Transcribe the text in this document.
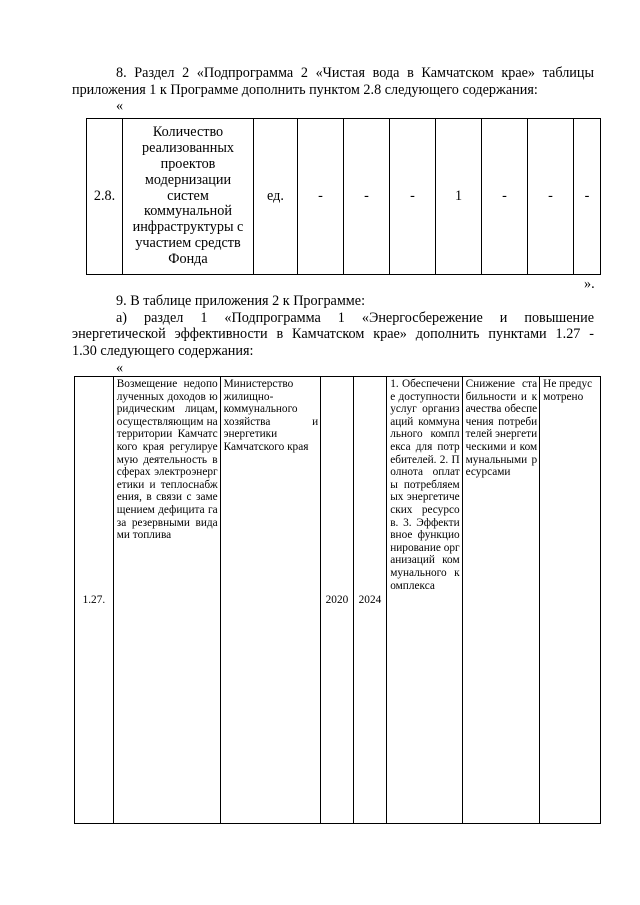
8. Раздел 2 «Подпрограмма 2 «Чистая вода в Камчатском крае» таблицы

приложения 1 к Программе дополнить пунктом 2.8 следующего содержания:

«

2.8.	Количество реализованных проектов модернизации систем коммунальной инфраструктуры с участием средств Фонда	ед.	-	-	-	1	-	-	-

».

9. В таблице приложения 2 к Программе:

а) раздел 1 «Подпрограмма 1 «Энергосбережение и повышение

энергетической эффективности в Камчатском крае» дополнить пунктами 1.27 -

1.30 следующего содержания:

«

1.27.	Возмещение недополученных доходов юридическим лицам, осуществляющим на территории Камчатского края регулируемую деятельность в сферах электроэнергетики и теплоснабжения, в связи с замещением дефицита газа резервными видами топлива	Министерство жилищно-коммунального хозяйства и энергетики Камчатского края	2020	2024	1. Обеспечение доступности услуг организаций коммунального комплекса для потребителей. 2. Полнота оплаты потребляемых энергетических ресурсов. 3. Эффективное функционирование организаций коммунального комплекса	Снижение стабильности и качества обеспечения потребителей энергетическими и коммунальными ресурсами	Не предусмотрено
